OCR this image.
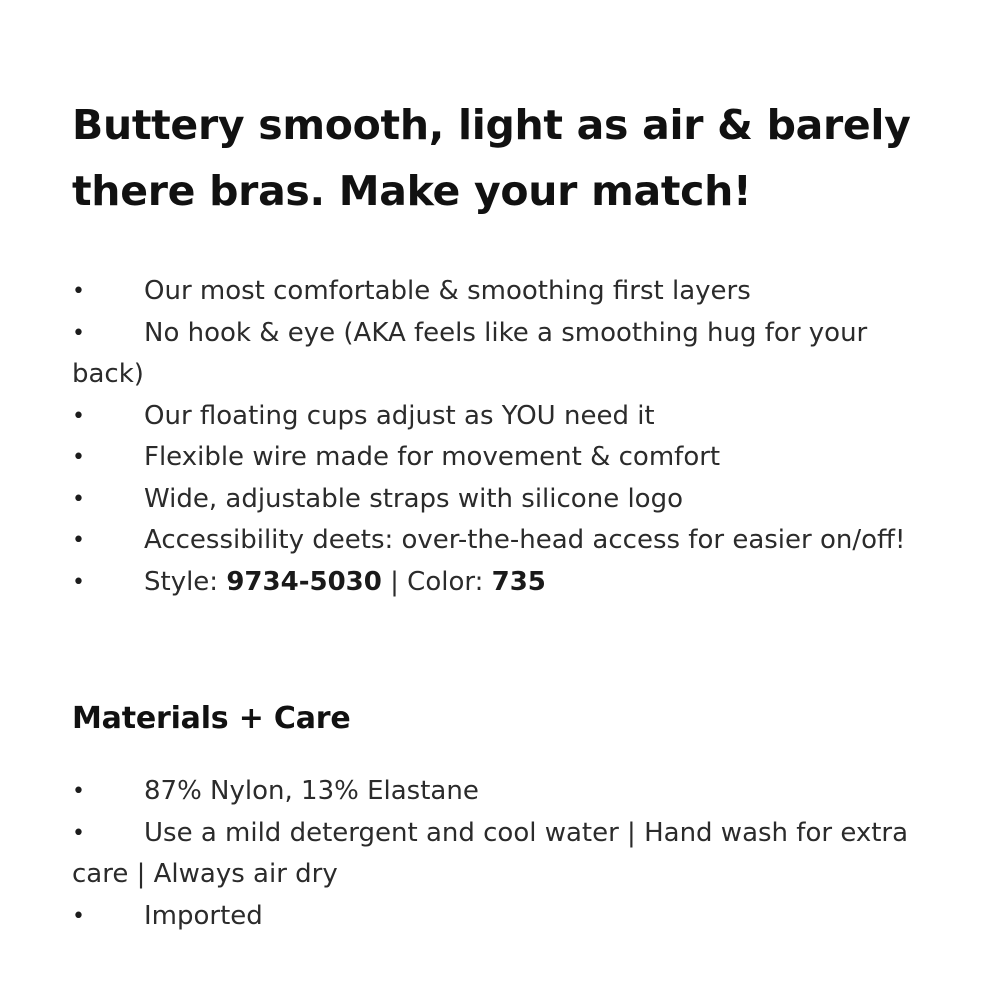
Buttery smooth, light as air & barely there bras. Make your match!
• Our most comfortable & smoothing first layers
• No hook & eye (AKA feels like a smoothing hug for your back)
• Our floating cups adjust as YOU need it
• Flexible wire made for movement & comfort
• Wide, adjustable straps with silicone logo
• Accessibility deets: over-the-head access for easier on/off!
• Style: 9734-5030 | Color: 735
Materials + Care
• 87% Nylon, 13% Elastane
• Use a mild detergent and cool water | Hand wash for extra care | Always air dry
• Imported
